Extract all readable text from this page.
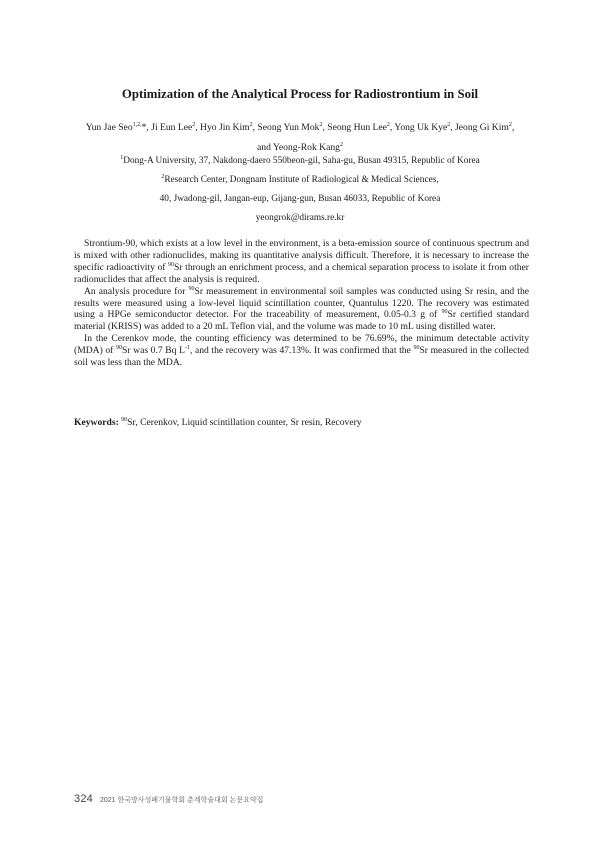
Optimization of the Analytical Process for Radiostrontium in Soil
Yun Jae Seo$^{1,2,}$*, Ji Eun Lee$^2$, Hyo Jin Kim$^2$, Seong Yun Mok$^2$, Seong Hun Lee$^2$, Yong Uk Kye$^2$, Jeong Gi Kim$^2$,
and Yeong-Rok Kang$^2$
$^1$Dong-A University, 37, Nakdong-daero 550beon-gil, Saha-gu, Busan 49315, Republic of Korea
$^2$Research Center, Dongnam Institute of Radiological & Medical Sciences,
40, Jwadong-gil, Jangan-eup, Gijang-gun, Busan 46033, Republic of Korea
yeongrok@dirams.re.kr

Strontium-90, which exists at a low level in the environment, is a beta-emission source of continuous spectrum and is mixed with other radionuclides, making its quantitative analysis difficult. Therefore, it is necessary to increase the specific radioactivity of $^{90}$Sr through an enrichment process, and a chemical separation process to isolate it from other radionuclides that affect the analysis is required.

An analysis procedure for $^{90}$Sr measurement in environmental soil samples was conducted using Sr resin, and the results were measured using a low-level liquid scintillation counter, Quantulus 1220. The recovery was estimated using a HPGe semiconductor detector. For the traceability of measurement, 0.05-0.3 g of $^{90}$Sr certified standard material (KRISS) was added to a 20 mL Teflon vial, and the volume was made to 10 mL using distilled water.

In the Cerenkov mode, the counting efficiency was determined to be 76.69%, the minimum detectable activity (MDA) of $^{90}$Sr was 0.7 Bq $L^{-1}$, and the recovery was 47.13%. It was confirmed that the $^{90}$Sr measured in the collected soil was less than the MDA.

Keywords: $^{90}$Sr, Cerenkov, Liquid scintillation counter, Sr resin, Recovery
324 2021 한국방사성폐기물학회 춘계학술대회 논문요약집
